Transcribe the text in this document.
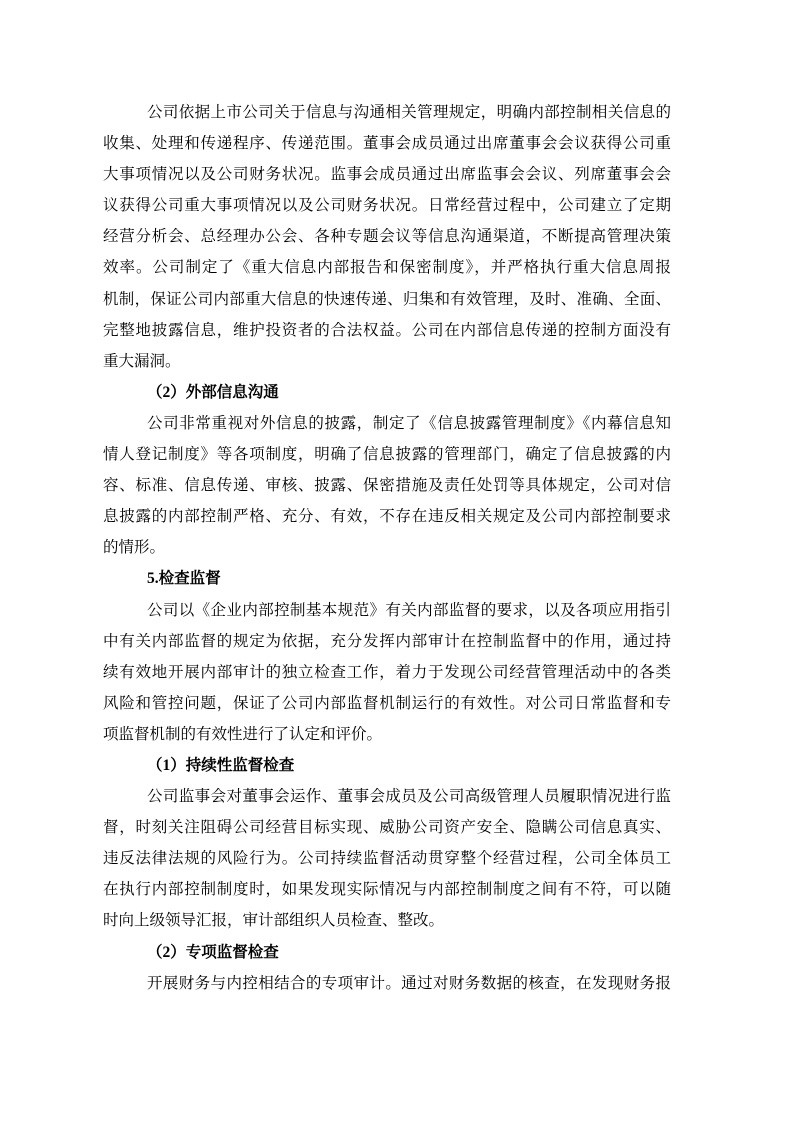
公司依据上市公司关于信息与沟通相关管理规定，明确内部控制相关信息的
收集、处理和传递程序、传递范围。董事会成员通过出席董事会会议获得公司重
大事项情况以及公司财务状况。监事会成员通过出席监事会会议、列席董事会会
议获得公司重大事项情况以及公司财务状况。日常经营过程中，公司建立了定期
经营分析会、总经理办公会、各种专题会议等信息沟通渠道，不断提高管理决策
效率。公司制定了《重大信息内部报告和保密制度》，并严格执行重大信息周报
机制，保证公司内部重大信息的快速传递、归集和有效管理，及时、准确、全面、
完整地披露信息，维护投资者的合法权益。公司在内部信息传递的控制方面没有
重大漏洞。
（2）外部信息沟通
公司非常重视对外信息的披露，制定了《信息披露管理制度》《内幕信息知
情人登记制度》等各项制度，明确了信息披露的管理部门，确定了信息披露的内
容、标准、信息传递、审核、披露、保密措施及责任处罚等具体规定，公司对信
息披露的内部控制严格、充分、有效，不存在违反相关规定及公司内部控制要求
的情形。
5.检查监督
公司以《企业内部控制基本规范》有关内部监督的要求，以及各项应用指引
中有关内部监督的规定为依据，充分发挥内部审计在控制监督中的作用，通过持
续有效地开展内部审计的独立检查工作，着力于发现公司经营管理活动中的各类
风险和管控问题，保证了公司内部监督机制运行的有效性。对公司日常监督和专
项监督机制的有效性进行了认定和评价。
（1）持续性监督检查
公司监事会对董事会运作、董事会成员及公司高级管理人员履职情况进行监
督，时刻关注阻碍公司经营目标实现、威胁公司资产安全、隐瞒公司信息真实、
违反法律法规的风险行为。公司持续监督活动贯穿整个经营过程，公司全体员工
在执行内部控制制度时，如果发现实际情况与内部控制制度之间有不符，可以随
时向上级领导汇报，审计部组织人员检查、整改。
（2）专项监督检查
开展财务与内控相结合的专项审计。通过对财务数据的核查，在发现财务报
